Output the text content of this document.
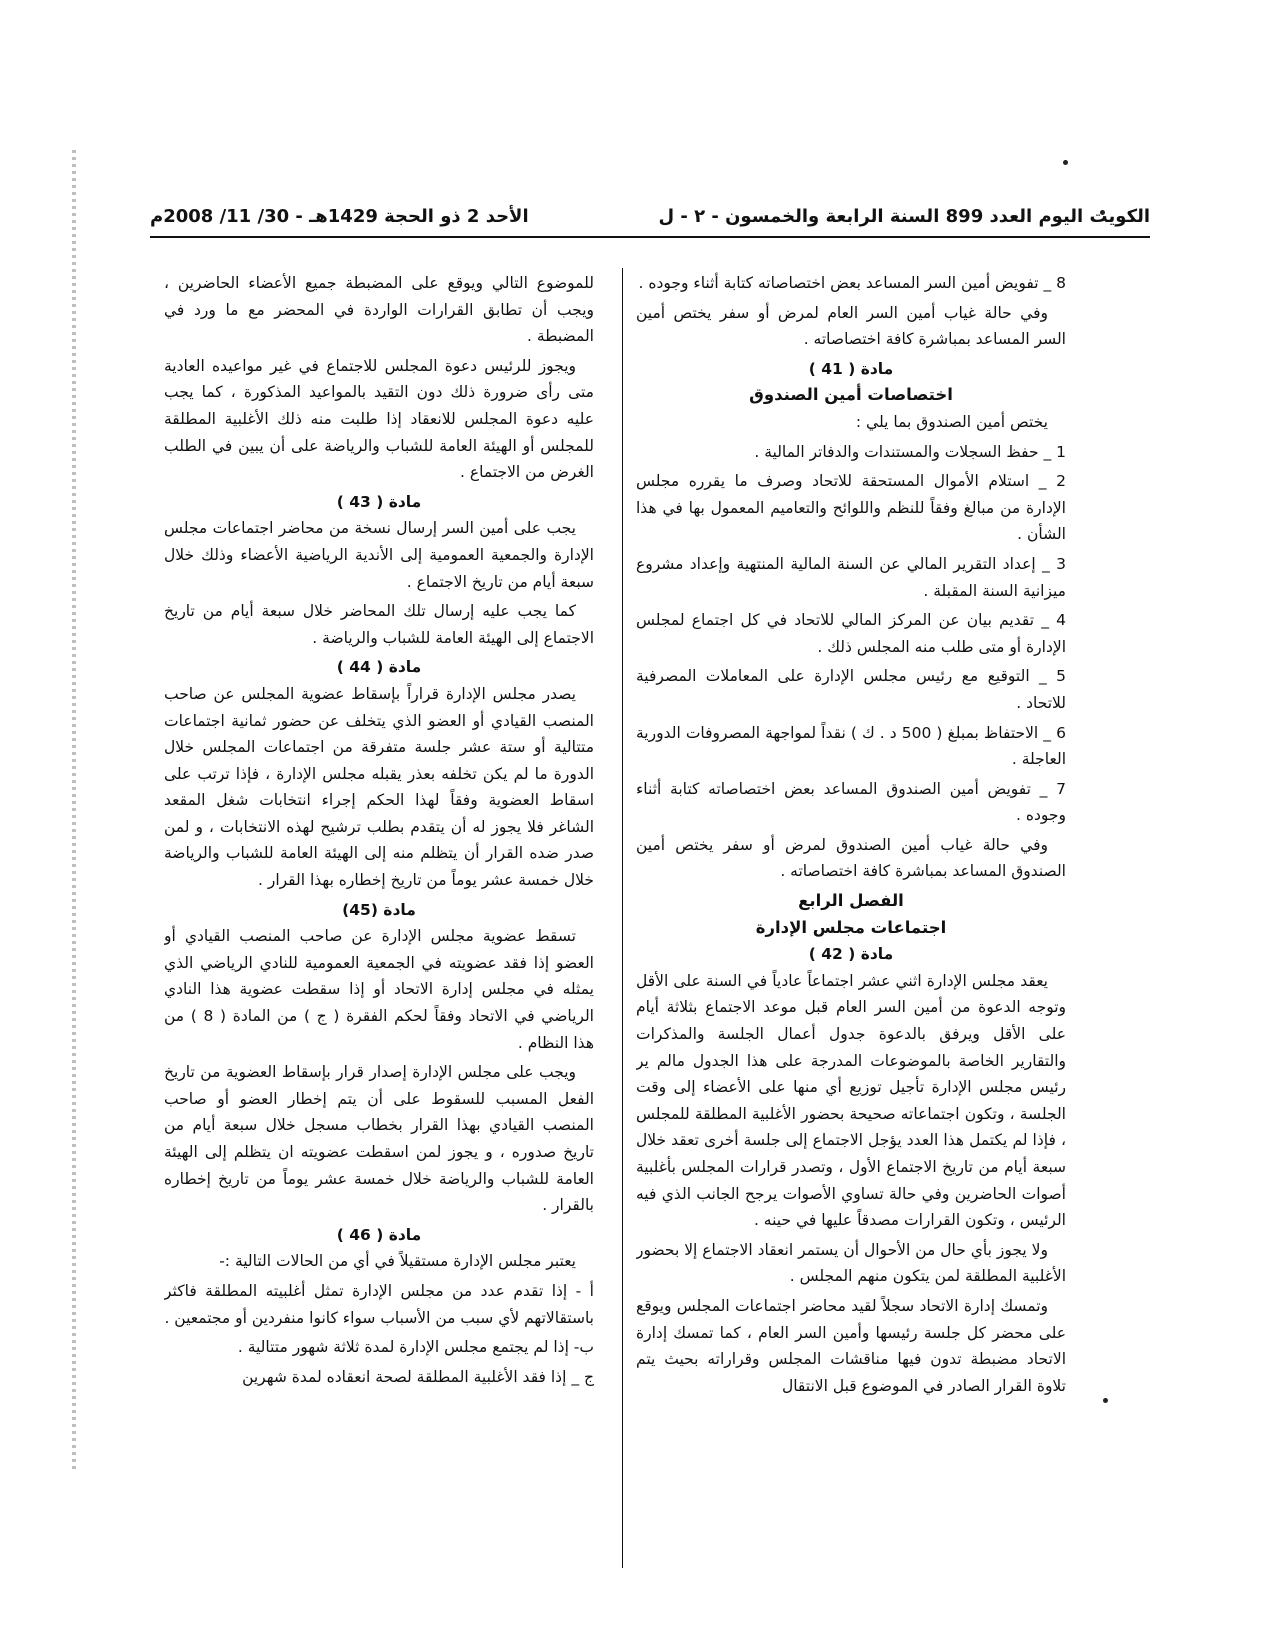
الكويت اليوم العدد 899 السنة الرابعة والخمسون - ٢ - ل
الأحد 2 ذو الحجة 1429هـ - 30/ 11/ 2008م

8 _ تفويض أمين السر المساعد بعض اختصاصاته كتابة أثناء وجوده .

وفي حالة غياب أمين السر العام لمرض أو سفر يختص أمين السر المساعد بمباشرة كافة اختصاصاته .

مادة ( 41 )

اختصاصات أمين الصندوق

يختص أمين الصندوق بما يلي :

1 _ حفظ السجلات والمستندات والدفاتر المالية .

2 _ استلام الأموال المستحقة للاتحاد وصرف ما يقرره مجلس الإدارة من مبالغ وفقاً للنظم واللوائح والتعاميم المعمول بها في هذا الشأن .

3 _ إعداد التقرير المالي عن السنة المالية المنتهية وإعداد مشروع ميزانية السنة المقبلة .

4 _ تقديم بيان عن المركز المالي للاتحاد في كل اجتماع لمجلس الإدارة أو متى طلب منه المجلس ذلك .

5 _ التوقيع مع رئيس مجلس الإدارة على المعاملات المصرفية للاتحاد .

6 _ الاحتفاظ بمبلغ ( 500 د . ك ) نقداً لمواجهة المصروفات الدورية العاجلة .

7 _ تفويض أمين الصندوق المساعد بعض اختصاصاته كتابة أثناء وجوده .

وفي حالة غياب أمين الصندوق لمرض أو سفر يختص أمين الصندوق المساعد بمباشرة كافة اختصاصاته .

الفصل الرابع

اجتماعات مجلس الإدارة

مادة ( 42 )

يعقد مجلس الإدارة اثني عشر اجتماعاً عادياً في السنة على الأقل وتوجه الدعوة من أمين السر العام قبل موعد الاجتماع بثلاثة أيام على الأقل ويرفق بالدعوة جدول أعمال الجلسة والمذكرات والتقارير الخاصة بالموضوعات المدرجة على هذا الجدول مالم ير رئيس مجلس الإدارة تأجيل توزيع أي منها على الأعضاء إلى وقت الجلسة ، وتكون اجتماعاته صحيحة بحضور الأغلبية المطلقة للمجلس ، فإذا لم يكتمل هذا العدد يؤجل الاجتماع إلى جلسة أخرى تعقد خلال سبعة أيام من تاريخ الاجتماع الأول ، وتصدر قرارات المجلس بأغلبية أصوات الحاضرين وفي حالة تساوي الأصوات يرجح الجانب الذي فيه الرئيس ، وتكون القرارات مصدقاً عليها في حينه .

ولا يجوز بأي حال من الأحوال أن يستمر انعقاد الاجتماع إلا بحضور الأغلبية المطلقة لمن يتكون منهم المجلس .

وتمسك إدارة الاتحاد سجلاً لقيد محاضر اجتماعات المجلس ويوقع على محضر كل جلسة رئيسها وأمين السر العام ، كما تمسك إدارة الاتحاد مضبطة تدون فيها مناقشات المجلس وقراراته بحيث يتم تلاوة القرار الصادر في الموضوع قبل الانتقال

للموضوع التالي ويوقع على المضبطة جميع الأعضاء الحاضرين ، ويجب أن تطابق القرارات الواردة في المحضر مع ما ورد في المضبطة .

ويجوز للرئيس دعوة المجلس للاجتماع في غير مواعيده العادية متى رأى ضرورة ذلك دون التقيد بالمواعيد المذكورة ، كما يجب عليه دعوة المجلس للانعقاد إذا طلبت منه ذلك الأغلبية المطلقة للمجلس أو الهيئة العامة للشباب والرياضة على أن يبين في الطلب الغرض من الاجتماع .

مادة ( 43 )

يجب على أمين السر إرسال نسخة من محاضر اجتماعات مجلس الإدارة والجمعية العمومية إلى الأندية الرياضية الأعضاء وذلك خلال سبعة أيام من تاريخ الاجتماع .

كما يجب عليه إرسال تلك المحاضر خلال سبعة أيام من تاريخ الاجتماع إلى الهيئة العامة للشباب والرياضة .

مادة ( 44 )

يصدر مجلس الإدارة قراراً بإسقاط عضوية المجلس عن صاحب المنصب القيادي أو العضو الذي يتخلف عن حضور ثمانية اجتماعات متتالية أو ستة عشر جلسة متفرقة من اجتماعات المجلس خلال الدورة ما لم يكن تخلفه بعذر يقبله مجلس الإدارة ، فإذا ترتب على اسقاط العضوية وفقاً لهذا الحكم إجراء انتخابات شغل المقعد الشاغر فلا يجوز له أن يتقدم بطلب ترشيح لهذه الانتخابات ، و لمن صدر ضده القرار أن يتظلم منه إلى الهيئة العامة للشباب والرياضة خلال خمسة عشر يوماً من تاريخ إخطاره بهذا القرار .

مادة (45)

تسقط عضوية مجلس الإدارة عن صاحب المنصب القيادي أو العضو إذا فقد عضويته في الجمعية العمومية للنادي الرياضي الذي يمثله في مجلس إدارة الاتحاد أو إذا سقطت عضوية هذا النادي الرياضي في الاتحاد وفقاً لحكم الفقرة ( ج ) من المادة ( 8 ) من هذا النظام .

ويجب على مجلس الإدارة إصدار قرار بإسقاط العضوية من تاريخ الفعل المسبب للسقوط على أن يتم إخطار العضو أو صاحب المنصب القيادي بهذا القرار بخطاب مسجل خلال سبعة أيام من تاريخ صدوره ، و يجوز لمن اسقطت عضويته ان يتظلم إلى الهيئة العامة للشباب والرياضة خلال خمسة عشر يوماً من تاريخ إخطاره بالقرار .

مادة ( 46 )

يعتبر مجلس الإدارة مستقيلاً في أي من الحالات التالية :-

أ - إذا تقدم عدد من مجلس الإدارة تمثل أغلبيته المطلقة فاكثر باستقالاتهم لأي سبب من الأسباب سواء كانوا منفردين أو مجتمعين .

ب- إذا لم يجتمع مجلس الإدارة لمدة ثلاثة شهور متتالية .

ج _ إذا فقد الأغلبية المطلقة لصحة انعقاده لمدة شهرين
